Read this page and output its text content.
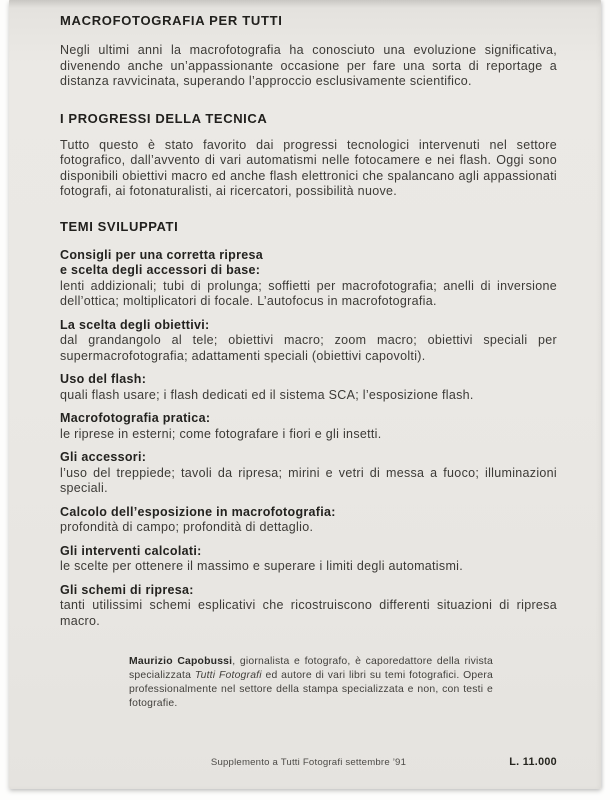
MACROFOTOGRAFIA PER TUTTI
Negli ultimi anni la macrofotografia ha conosciuto una evoluzione significativa, divenendo anche un’appassionante occasione per fare una sorta di reportage a distanza ravvicinata, superando l’approccio esclusivamente scientifico.
I PROGRESSI DELLA TECNICA
Tutto questo è stato favorito dai progressi tecnologici intervenuti nel settore fotografico, dall’avvento di vari automatismi nelle fotocamere e nei flash. Oggi sono disponibili obiettivi macro ed anche flash elettronici che spalancano agli appassionati fotografi, ai fotonaturalisti, ai ricercatori, possibilità nuove.
TEMI SVILUPPATI
Consigli per una corretta ripresa
e scelta degli accessori di base:
lenti addizionali; tubi di prolunga; soffietti per macrofotografia; anelli di inversione dell’ottica; moltiplicatori di focale. L’autofocus in macrofotografia.
La scelta degli obiettivi:
dal grandangolo al tele; obiettivi macro; zoom macro; obiettivi speciali per supermacrofotografia; adattamenti speciali (obiettivi capovolti).
Uso del flash:
quali flash usare; i flash dedicati ed il sistema SCA; l’esposizione flash.
Macrofotografia pratica:
le riprese in esterni; come fotografare i fiori e gli insetti.
Gli accessori:
l’uso del treppiede; tavoli da ripresa; mirini e vetri di messa a fuoco; illuminazioni speciali.
Calcolo dell’esposizione in macrofotografia:
profondità di campo; profondità di dettaglio.
Gli interventi calcolati:
le scelte per ottenere il massimo e superare i limiti degli automatismi.
Gli schemi di ripresa:
tanti utilissimi schemi esplicativi che ricostruiscono differenti situazioni di ripresa macro.
Maurizio Capobussi, giornalista e fotografo, è caporedattore della rivista specializzata Tutti Fotografi ed autore di vari libri su temi fotografici. Opera professionalmente nel settore della stampa specializzata e non, con testi e fotografie.
Supplemento a Tutti Fotografi settembre ’91	L. 11.000
